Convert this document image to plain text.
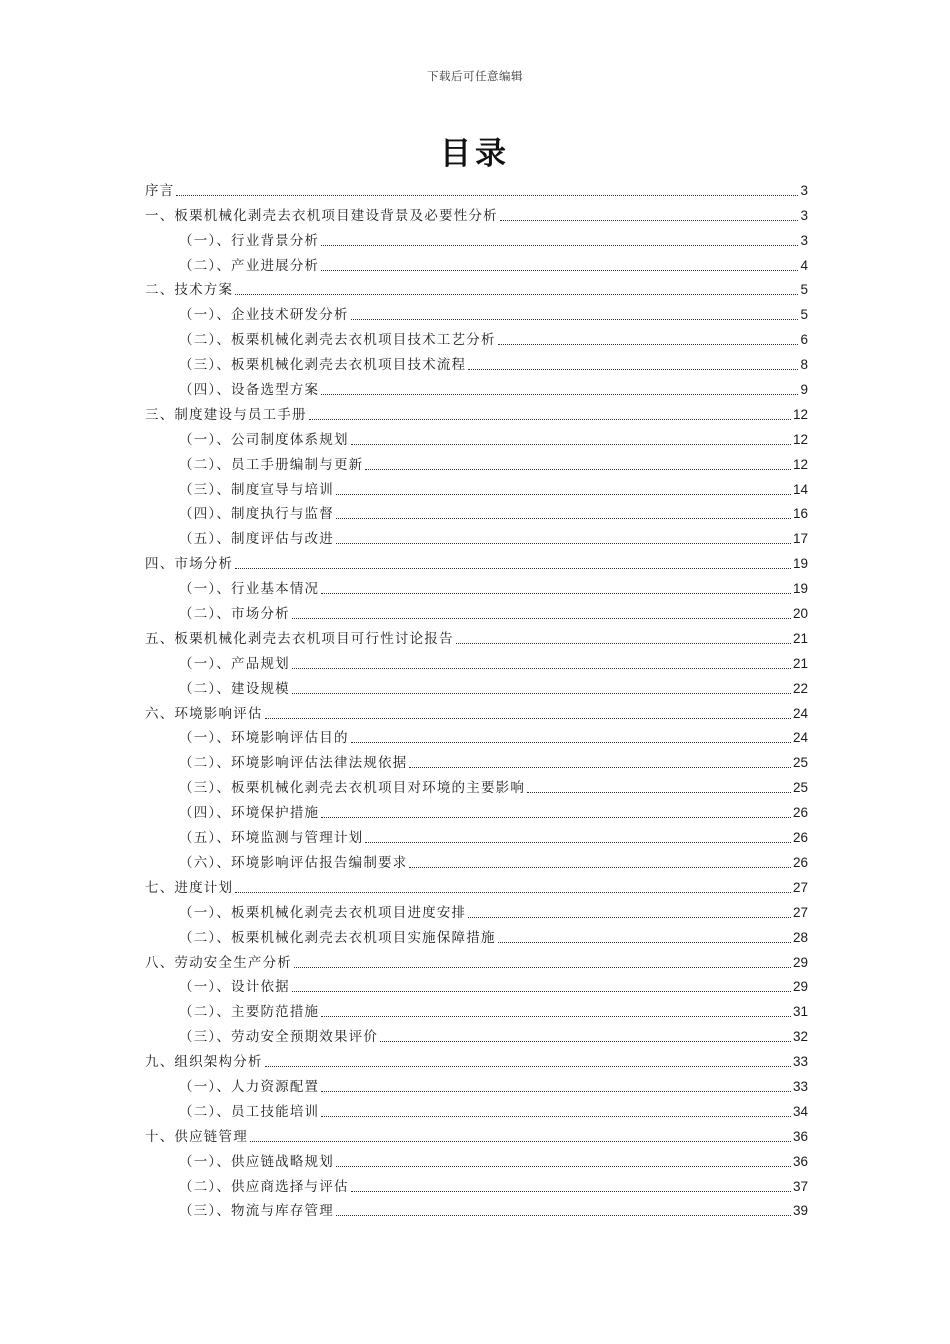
下载后可任意编辑
目录
序言	3
一、板栗机械化剥壳去衣机项目建设背景及必要性分析	3
（一）、行业背景分析	3
（二）、产业进展分析	4
二、技术方案	5
（一）、企业技术研发分析	5
（二）、板栗机械化剥壳去衣机项目技术工艺分析	6
（三）、板栗机械化剥壳去衣机项目技术流程	8
（四）、设备选型方案	9
三、制度建设与员工手册	12
（一）、公司制度体系规划	12
（二）、员工手册编制与更新	12
（三）、制度宣导与培训	14
（四）、制度执行与监督	16
（五）、制度评估与改进	17
四、市场分析	19
（一）、行业基本情况	19
（二）、市场分析	20
五、板栗机械化剥壳去衣机项目可行性讨论报告	21
（一）、产品规划	21
（二）、建设规模	22
六、环境影响评估	24
（一）、环境影响评估目的	24
（二）、环境影响评估法律法规依据	25
（三）、板栗机械化剥壳去衣机项目对环境的主要影响	25
（四）、环境保护措施	26
（五）、环境监测与管理计划	26
（六）、环境影响评估报告编制要求	26
七、进度计划	27
（一）、板栗机械化剥壳去衣机项目进度安排	27
（二）、板栗机械化剥壳去衣机项目实施保障措施	28
八、劳动安全生产分析	29
（一）、设计依据	29
（二）、主要防范措施	31
（三）、劳动安全预期效果评价	32
九、组织架构分析	33
（一）、人力资源配置	33
（二）、员工技能培训	34
十、供应链管理	36
（一）、供应链战略规划	36
（二）、供应商选择与评估	37
（三）、物流与库存管理	39
